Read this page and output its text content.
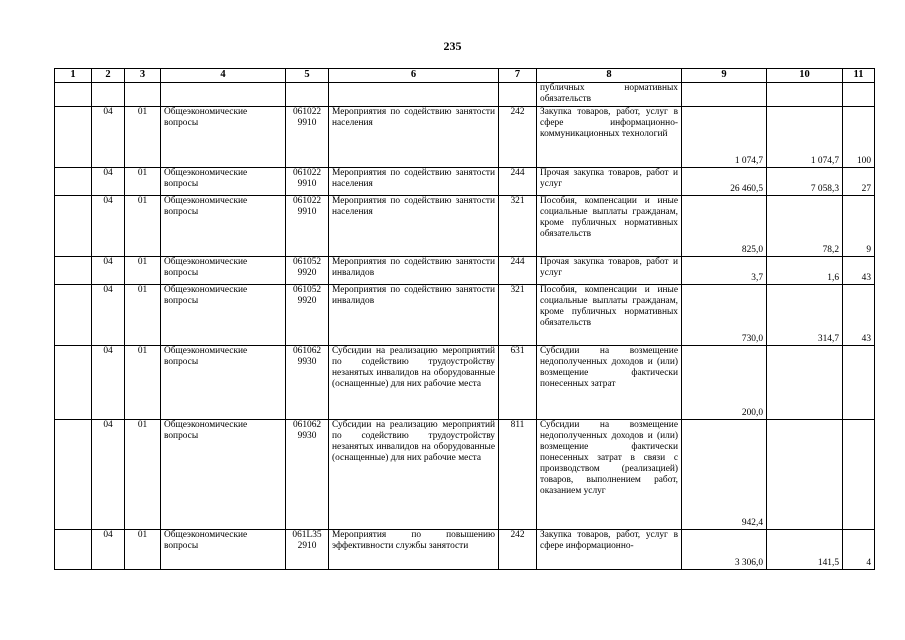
235
1	2	3	4	5	6	7	8	9	10	11
							публичных нормативных обязательств			
	04	01	Общеэкономические вопросы	061022 9910	Мероприятия по содействию занятости населения	242	Закупка товаров, работ, услуг в сфере информационно-коммуникационных технологий	1 074,7	1 074,7	100
	04	01	Общеэкономические вопросы	061022 9910	Мероприятия по содействию занятости населения	244	Прочая закупка товаров, работ и услуг	26 460,5	7 058,3	27
	04	01	Общеэкономические вопросы	061022 9910	Мероприятия по содействию занятости населения	321	Пособия, компенсации и иные социальные выплаты гражданам, кроме публичных нормативных обязательств	825,0	78,2	9
	04	01	Общеэкономические вопросы	061052 9920	Мероприятия по содействию занятости инвалидов	244	Прочая закупка товаров, работ и услуг	3,7	1,6	43
	04	01	Общеэкономические вопросы	061052 9920	Мероприятия по содействию занятости инвалидов	321	Пособия, компенсации и иные социальные выплаты гражданам, кроме публичных нормативных обязательств	730,0	314,7	43
	04	01	Общеэкономические вопросы	061062 9930	Субсидии на реализацию мероприятий по содействию трудоустройству незанятых инвалидов на оборудованные (оснащенные) для них рабочие места	631	Субсидии на возмещение недополученных доходов и (или) возмещение фактически понесенных затрат	200,0		
	04	01	Общеэкономические вопросы	061062 9930	Субсидии на реализацию мероприятий по содействию трудоустройству незанятых инвалидов на оборудованные (оснащенные) для них рабочие места	811	Субсидии на возмещение недополученных доходов и (или) возмещение фактически понесенных затрат в связи с производством (реализацией) товаров, выполнением работ, оказанием услуг	942,4		
	04	01	Общеэкономические вопросы	061L35 2910	Мероприятия по повышению эффективности службы занятости	242	Закупка товаров, работ, услуг в сфере информационно-	3 306,0	141,5	4
